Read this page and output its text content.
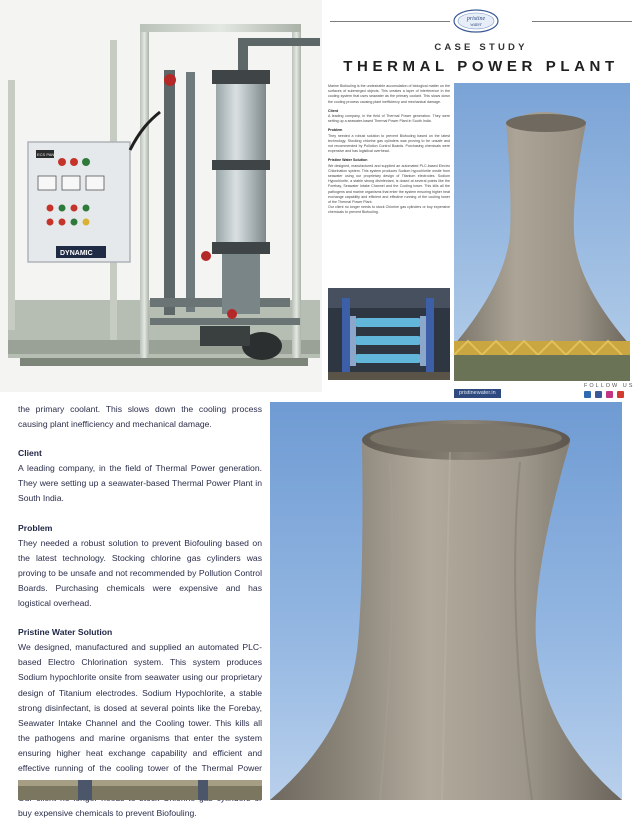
ECS PANEL
DYNAMIC
pristine
water
CASE STUDY
THERMAL POWER PLANT

Marine Biofouling is the undesirable accumulation of biological matter on the surfaces of submerged objects. This creates a layer of interference in the cooling system that uses seawater as the primary coolant. This slows down the cooling process causing plant inefficiency and mechanical damage.

Client

A leading company, in the field of Thermal Power generation. They were setting up a seawater-based Thermal Power Plant in South India.

Problem

They needed a robust solution to prevent Biofouling based on the latest technology. Stocking chlorine gas cylinders was proving to be unsafe and not recommended by Pollution Control Boards. Purchasing chemicals were expensive and has logistical overhead.

Pristine Water Solution

We designed, manufactured and supplied an automated PLC-based Electro Chlorination system. This system produces Sodium hypochlorite onsite from seawater using our proprietary design of Titanium electrodes. Sodium Hypochlorite, a stable strong disinfectant, is dosed at several points like the Forebay, Seawater Intake Channel and the Cooling tower. This kills all the pathogens and marine organisms that enter the system ensuring higher heat exchange capability and efficient and effective running of the cooling tower of the Thermal Power Plant.

Our client no longer needs to stock Chlorine gas cylinders or buy expensive chemicals to prevent Biofouling.

pristinewater.in
FOLLOW US

the primary coolant. This slows down the cooling process causing plant inefficiency and mechanical damage.

Client

A leading company, in the field of Thermal Power generation. They were setting up a seawater-based Thermal Power Plant in South India.

Problem

They needed a robust solution to prevent Biofouling based on the latest technology. Stocking chlorine gas cylinders was proving to be unsafe and not recommended by Pollution Control Boards. Purchasing chemicals were expensive and has logistical overhead.

Pristine Water Solution

We designed, manufactured and supplied an automated PLC-based Electro Chlorination system. This system produces Sodium hypochlorite onsite from seawater using our proprietary design of Titanium electrodes. Sodium Hypochlorite, a stable strong disinfectant, is dosed at several points like the Forebay, Seawater Intake Channel and the Cooling tower. This kills all the pathogens and marine organisms that enter the system ensuring higher heat exchange capability and efficient and effective running of the cooling tower of the Thermal Power

buy expensive chemicals to prevent Biofouling.
